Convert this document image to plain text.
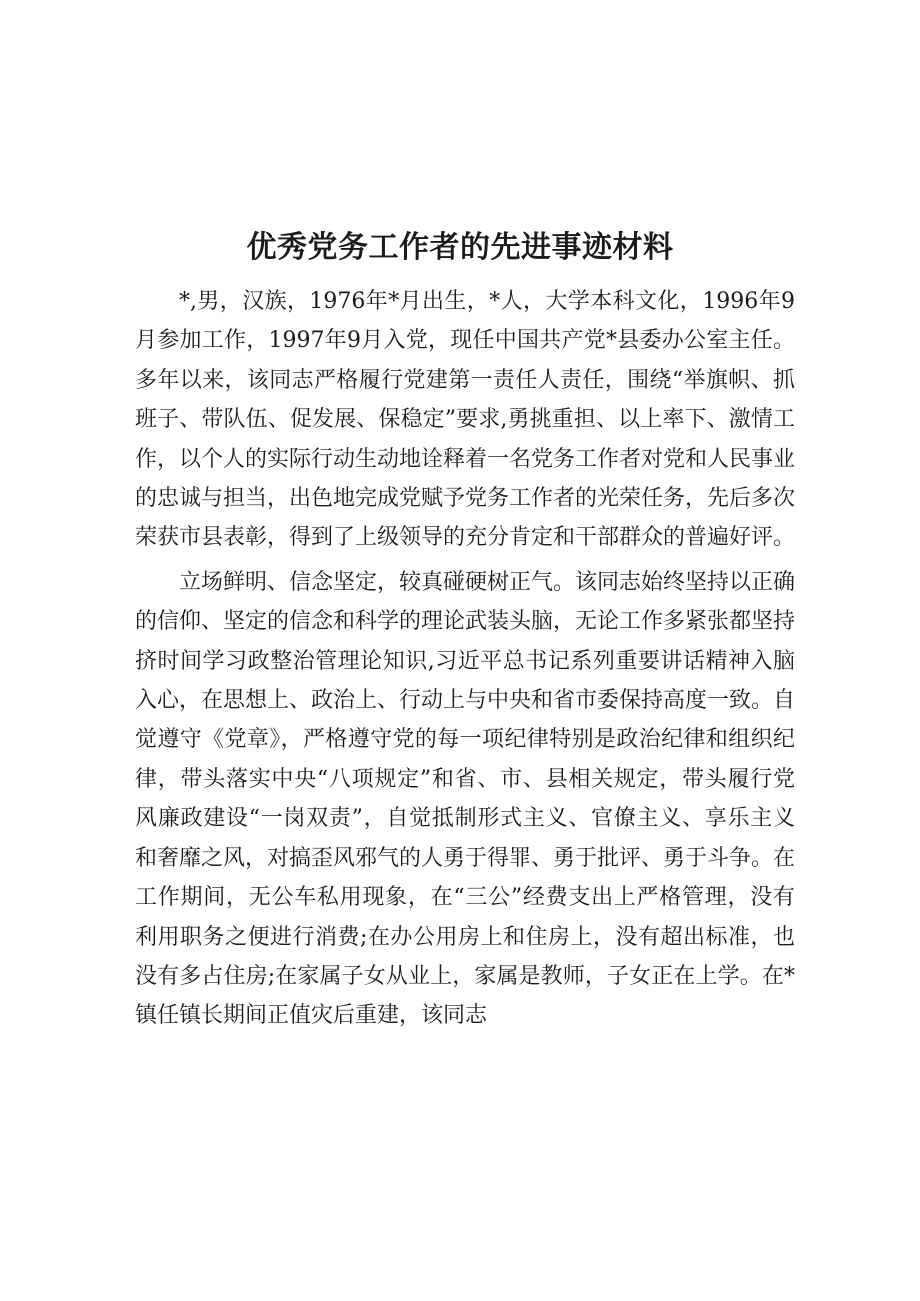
优秀党务工作者的先进事迹材料

*,男，汉族，1976年*月出生，*人，大学本科文化，1996年9月参加工作，1997年9月入党，现任中国共产党*县委办公室主任。多年以来，该同志严格履行党建第一责任人责任，围绕“举旗帜、抓班子、带队伍、促发展、保稳定”要求,勇挑重担、以上率下、激情工作，以个人的实际行动生动地诠释着一名党务工作者对党和人民事业的忠诚与担当，出色地完成党赋予党务工作者的光荣任务，先后多次荣获市县表彰，得到了上级领导的充分肯定和干部群众的普遍好评。

立场鲜明、信念坚定，较真碰硬树正气。该同志始终坚持以正确的信仰、坚定的信念和科学的理论武装头脑，无论工作多紧张都坚持挤时间学习政整治管理论知识,习近平总书记系列重要讲话精神入脑入心，在思想上、政治上、行动上与中央和省市委保持高度一致。自觉遵守《党章》，严格遵守党的每一项纪律特别是政治纪律和组织纪律，带头落实中央“八项规定”和省、市、县相关规定，带头履行党风廉政建设“一岗双责”，自觉抵制形式主义、官僚主义、享乐主义和奢靡之风，对搞歪风邪气的人勇于得罪、勇于批评、勇于斗争。在工作期间，无公车私用现象，在“三公”经费支出上严格管理，没有利用职务之便进行消费;在办公用房上和住房上，没有超出标准，也没有多占住房;在家属子女从业上，家属是教师，子女正在上学。在*镇任镇长期间正值灾后重建，该同志
